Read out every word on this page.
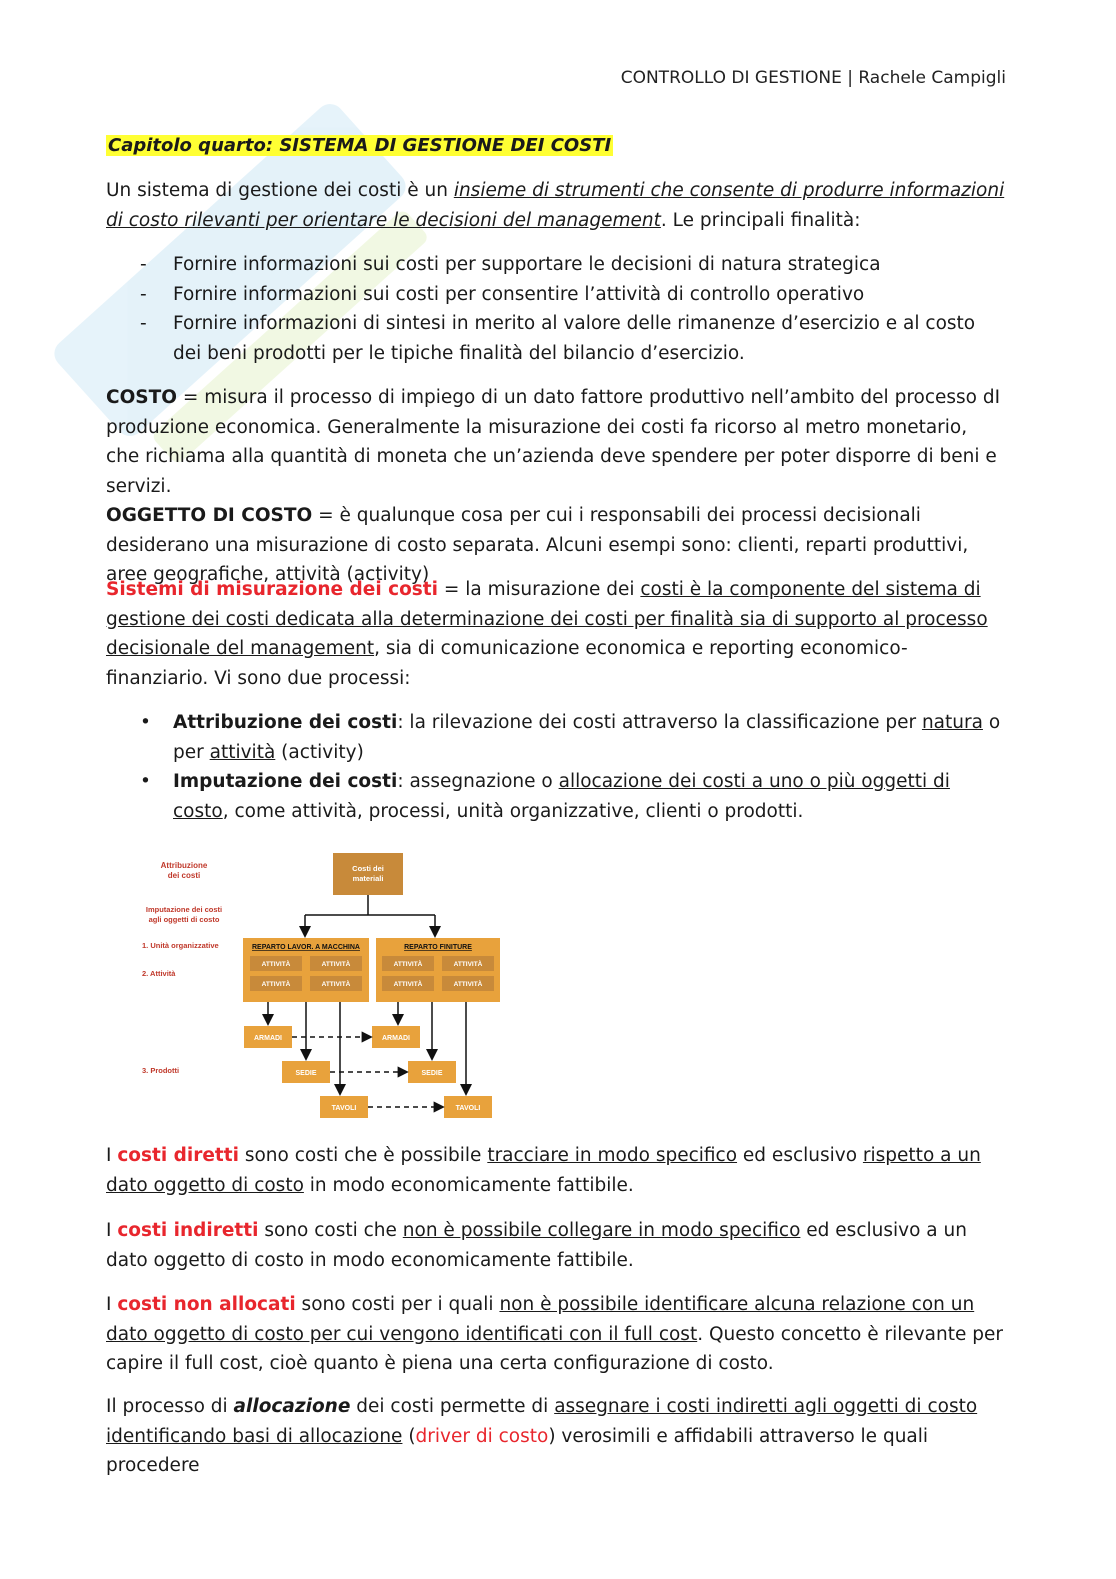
CONTROLLO DI GESTIONE | Rachele Campigli
Capitolo quarto: SISTEMA DI GESTIONE DEI COSTI

Un sistema di gestione dei costi è un insieme di strumenti che consente di produrre informazioni di costo rilevanti per orientare le decisioni del management. Le principali finalità:

- Fornire informazioni sui costi per supportare le decisioni di natura strategica
- Fornire informazioni sui costi per consentire l’attività di controllo operativo
- Fornire informazioni di sintesi in merito al valore delle rimanenze d’esercizio e al costo dei beni prodotti per le tipiche finalità del bilancio d’esercizio.

COSTO = misura il processo di impiego di un dato fattore produttivo nell’ambito del processo dI produzione economica. Generalmente la misurazione dei costi fa ricorso al metro monetario, che richiama alla quantità di moneta che un’azienda deve spendere per poter disporre di beni e servizi.
OGGETTO DI COSTO = è qualunque cosa per cui i responsabili dei processi decisionali desiderano una misurazione di costo separata. Alcuni esempi sono: clienti, reparti produttivi, aree geografiche, attività (activity)

Sistemi di misurazione dei costi = la misurazione dei costi è la componente del sistema di gestione dei costi dedicata alla determinazione dei costi per finalità sia di supporto al processo decisionale del management, sia di comunicazione economica e reporting economico-finanziario. Vi sono due processi:

• Attribuzione dei costi: la rilevazione dei costi attraverso la classificazione per natura o per attività (activity)
• Imputazione dei costi: assegnazione o allocazione dei costi a uno o più oggetti di costo, come attività, processi, unità organizzative, clienti o prodotti.
Attribuzione
dei costi
Imputazione dei costi
agli oggetti di costo
1. Unità organizzative
2. Attività
3. Prodotti
Costi dei
materiali
REPARTO LAVOR. A MACCHINA
ATTIVITÀ	ATTIVITÀ
ATTIVITÀ	ATTIVITÀ
REPARTO FINITURE
ATTIVITÀ	ATTIVITÀ
ATTIVITÀ	ATTIVITÀ
ARMADI	ARMADI
SEDIE	SEDIE
TAVOLI	TAVOLI

I costi diretti sono costi che è possibile tracciare in modo specifico ed esclusivo rispetto a un dato oggetto di costo in modo economicamente fattibile.

I costi indiretti sono costi che non è possibile collegare in modo specifico ed esclusivo a un dato oggetto di costo in modo economicamente fattibile.

I costi non allocati sono costi per i quali non è possibile identificare alcuna relazione con un dato oggetto di costo per cui vengono identificati con il full cost. Questo concetto è rilevante per capire il full cost, cioè quanto è piena una certa configurazione di costo.

Il processo di allocazione dei costi permette di assegnare i costi indiretti agli oggetti di costo identificando basi di allocazione (driver di costo) verosimili e affidabili attraverso le quali procedere
